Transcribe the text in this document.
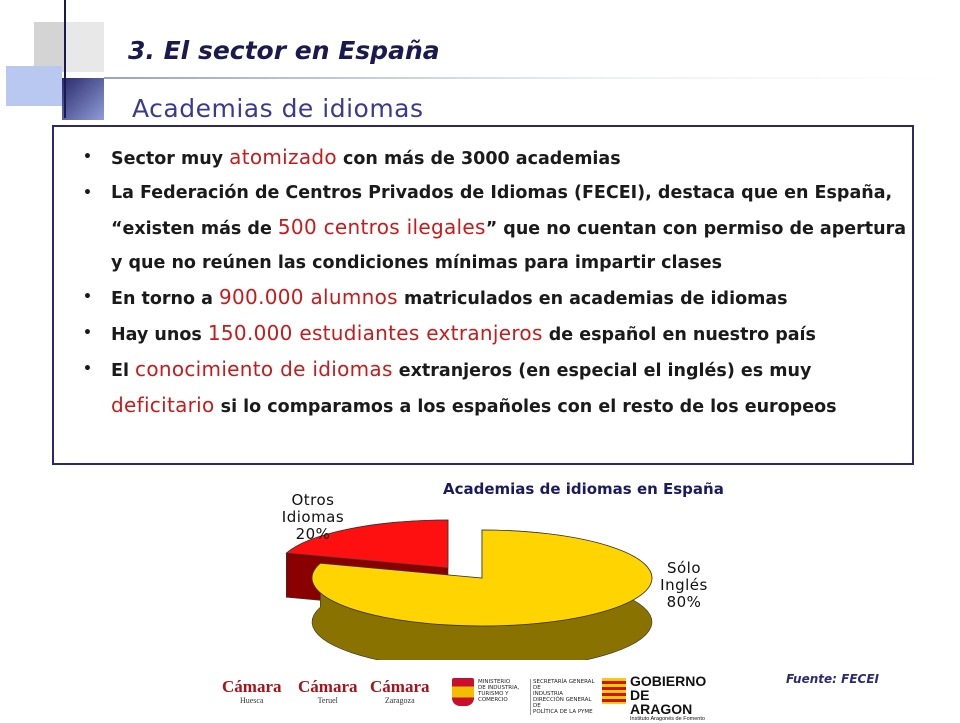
3. El sector en España
Academias de idiomas
• Sector muy atomizado con más de 3000 academias
• La Federación de Centros Privados de Idiomas (FECEI), destaca que en España, “existen más de 500 centros ilegales” que no cuentan con permiso de apertura y que no reúnen las condiciones mínimas para impartir clases
• En torno a 900.000 alumnos matriculados en academias de idiomas
• Hay unos 150.000 estudiantes extranjeros de español en nuestro país
• El conocimiento de idiomas extranjeros (en especial el inglés) es muy deficitario si lo comparamos a los españoles con el resto de los europeos
Academias de idiomas en España
Sólo
Inglés
80%
Otros
Idiomas
20%
Fuente: FECEI
Cámara
Huesca
Cámara
Teruel
Cámara
Zaragoza
MINISTERIO
DE INDUSTRIA,
TURISMO Y
COMERCIO
SECRETARÍA GENERAL DE
INDUSTRIA
DIRECCIÓN GENERAL DE
POLÍTICA DE LA PYME
GOBIERNO
DE ARAGON
Instituto Aragonés de Fomento
